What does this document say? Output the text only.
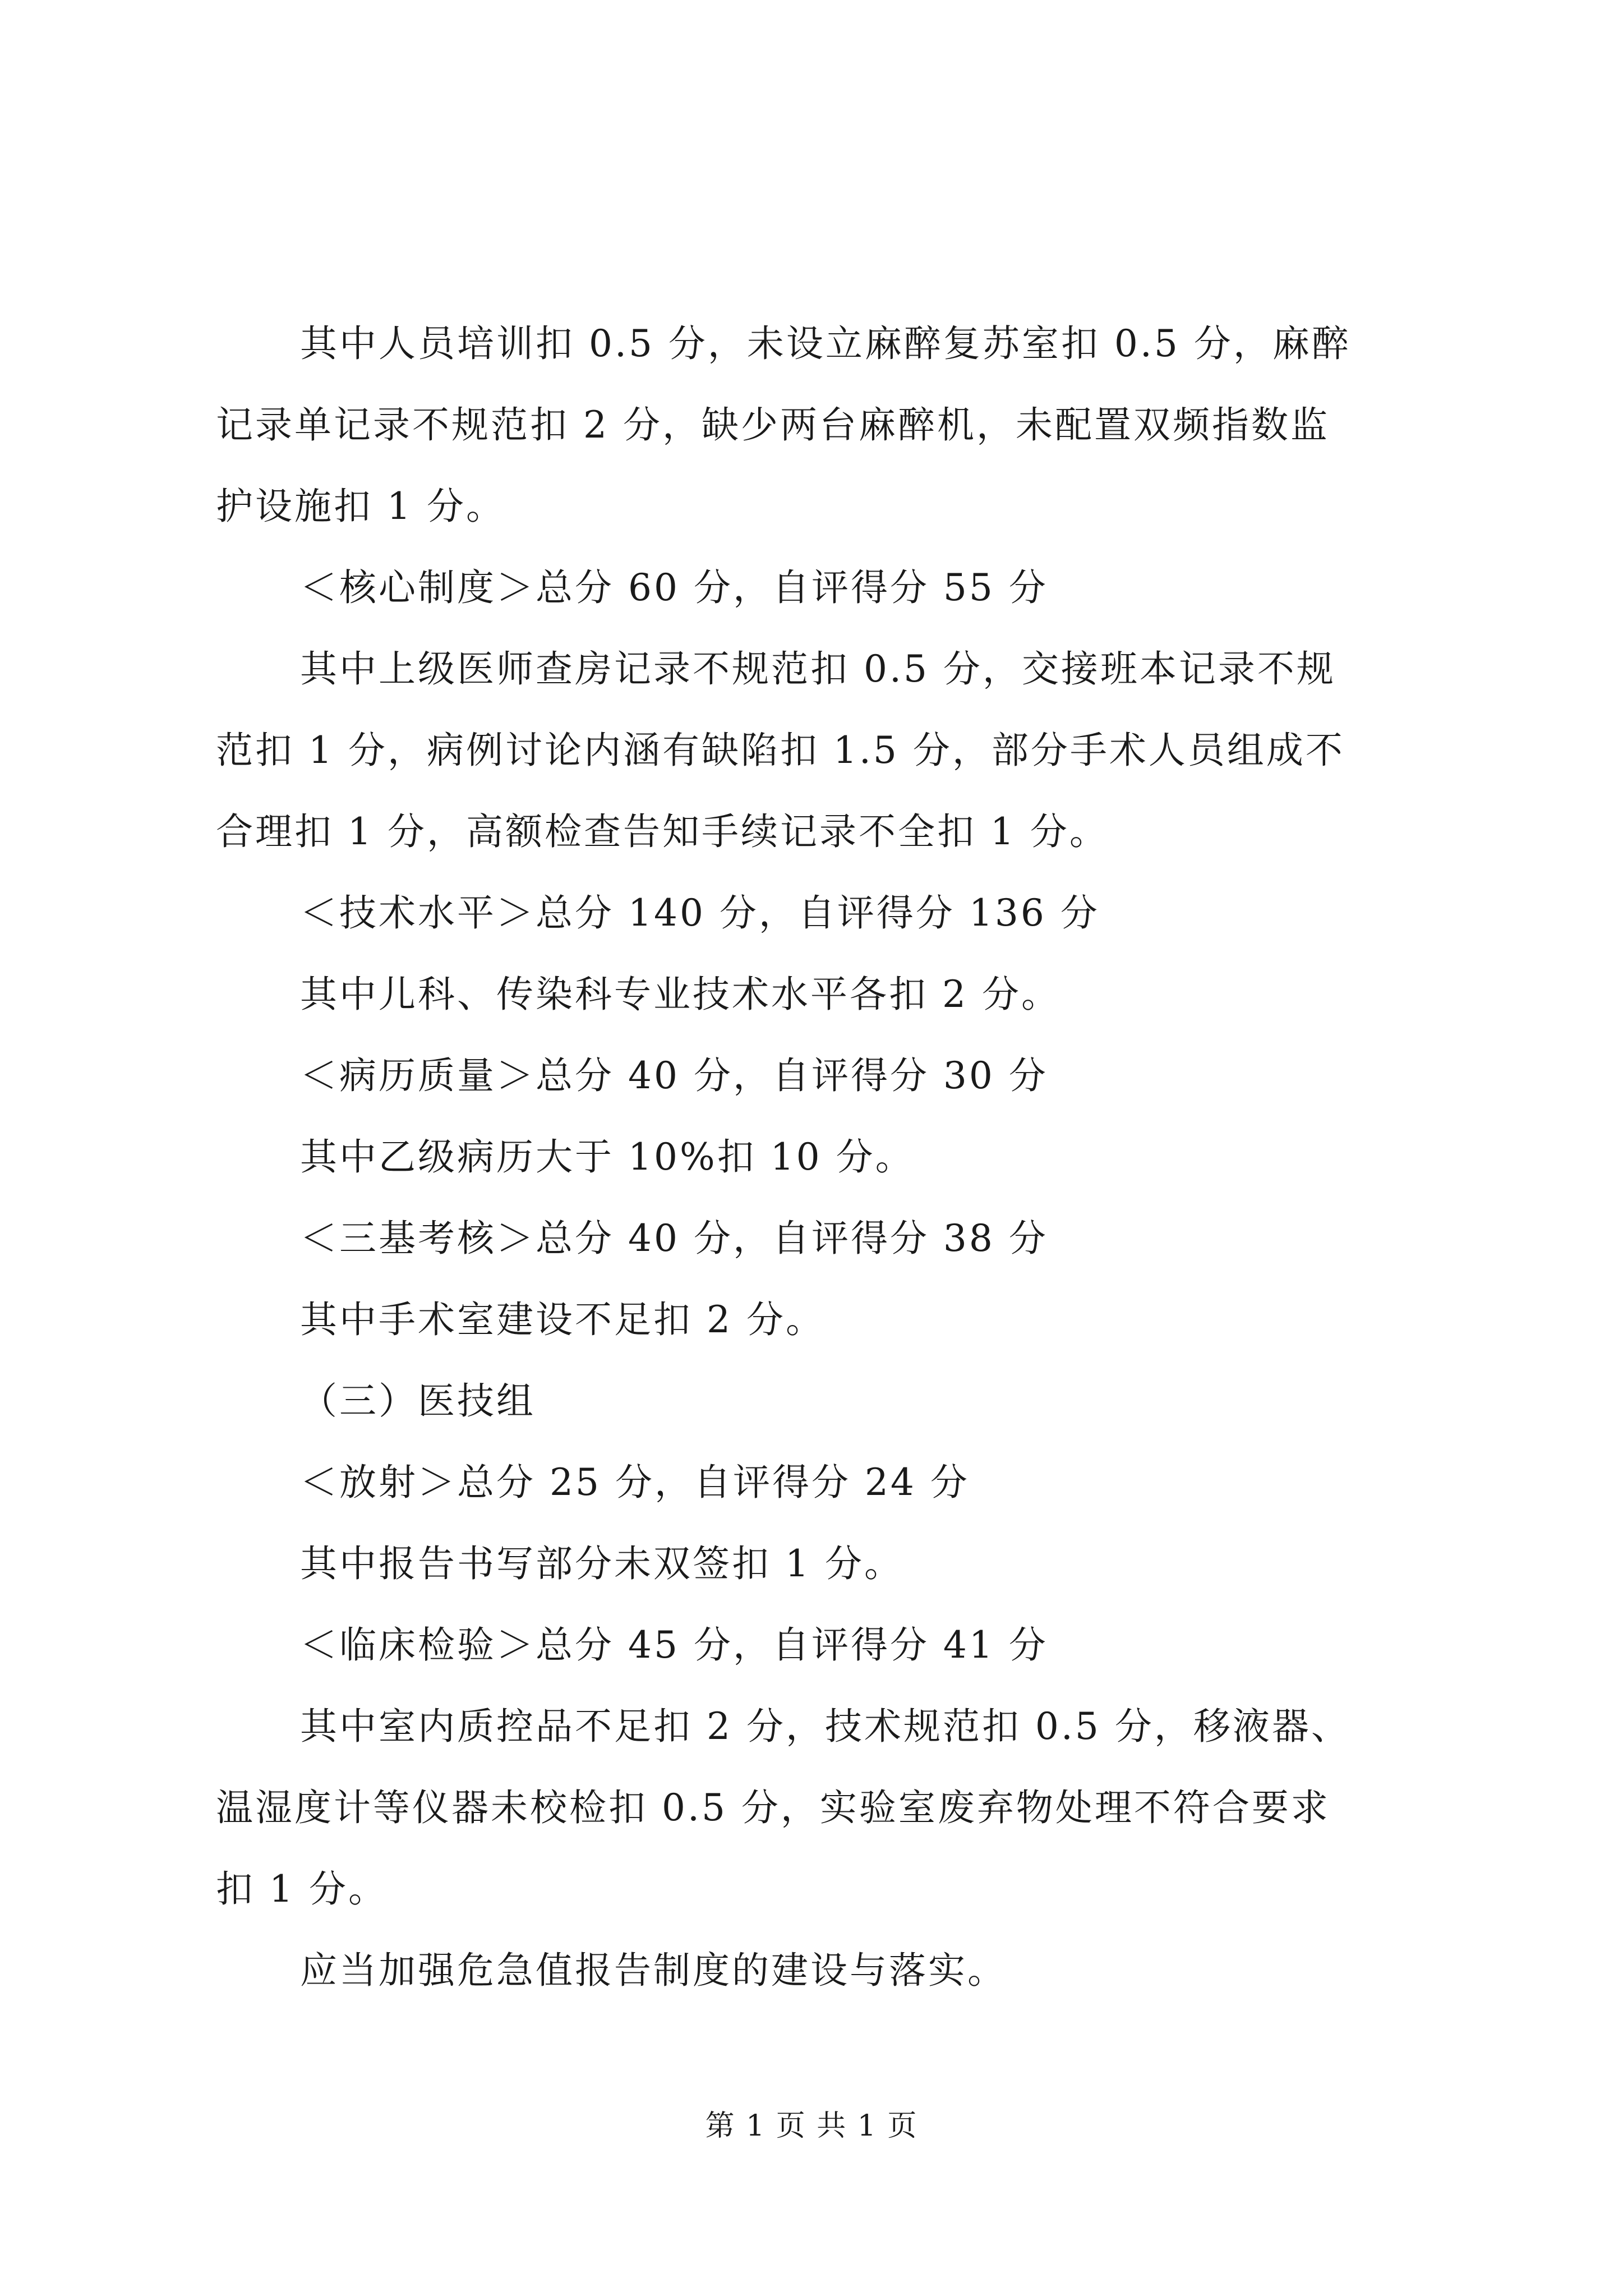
其中人员培训扣 0.5 分，未设立麻醉复苏室扣 0.5 分，麻醉
记录单记录不规范扣 2 分，缺少两台麻醉机，未配置双频指数监
护设施扣 1 分。
＜核心制度＞总分 60 分，自评得分 55 分
其中上级医师查房记录不规范扣 0.5 分，交接班本记录不规
范扣 1 分，病例讨论内涵有缺陷扣 1.5 分，部分手术人员组成不
合理扣 1 分，高额检查告知手续记录不全扣 1 分。
＜技术水平＞总分 140 分，自评得分 136 分
其中儿科、传染科专业技术水平各扣 2 分。
＜病历质量＞总分 40 分，自评得分 30 分
其中乙级病历大于 10%扣 10 分。
＜三基考核＞总分 40 分，自评得分 38 分
其中手术室建设不足扣 2 分。
（三）医技组
＜放射＞总分 25 分，自评得分 24 分
其中报告书写部分未双签扣 1 分。
＜临床检验＞总分 45 分，自评得分 41 分
其中室内质控品不足扣 2 分，技术规范扣 0.5 分，移液器、
温湿度计等仪器未校检扣 0.5 分，实验室废弃物处理不符合要求
扣 1 分。
应当加强危急值报告制度的建设与落实。
第 1 页 共 1 页
